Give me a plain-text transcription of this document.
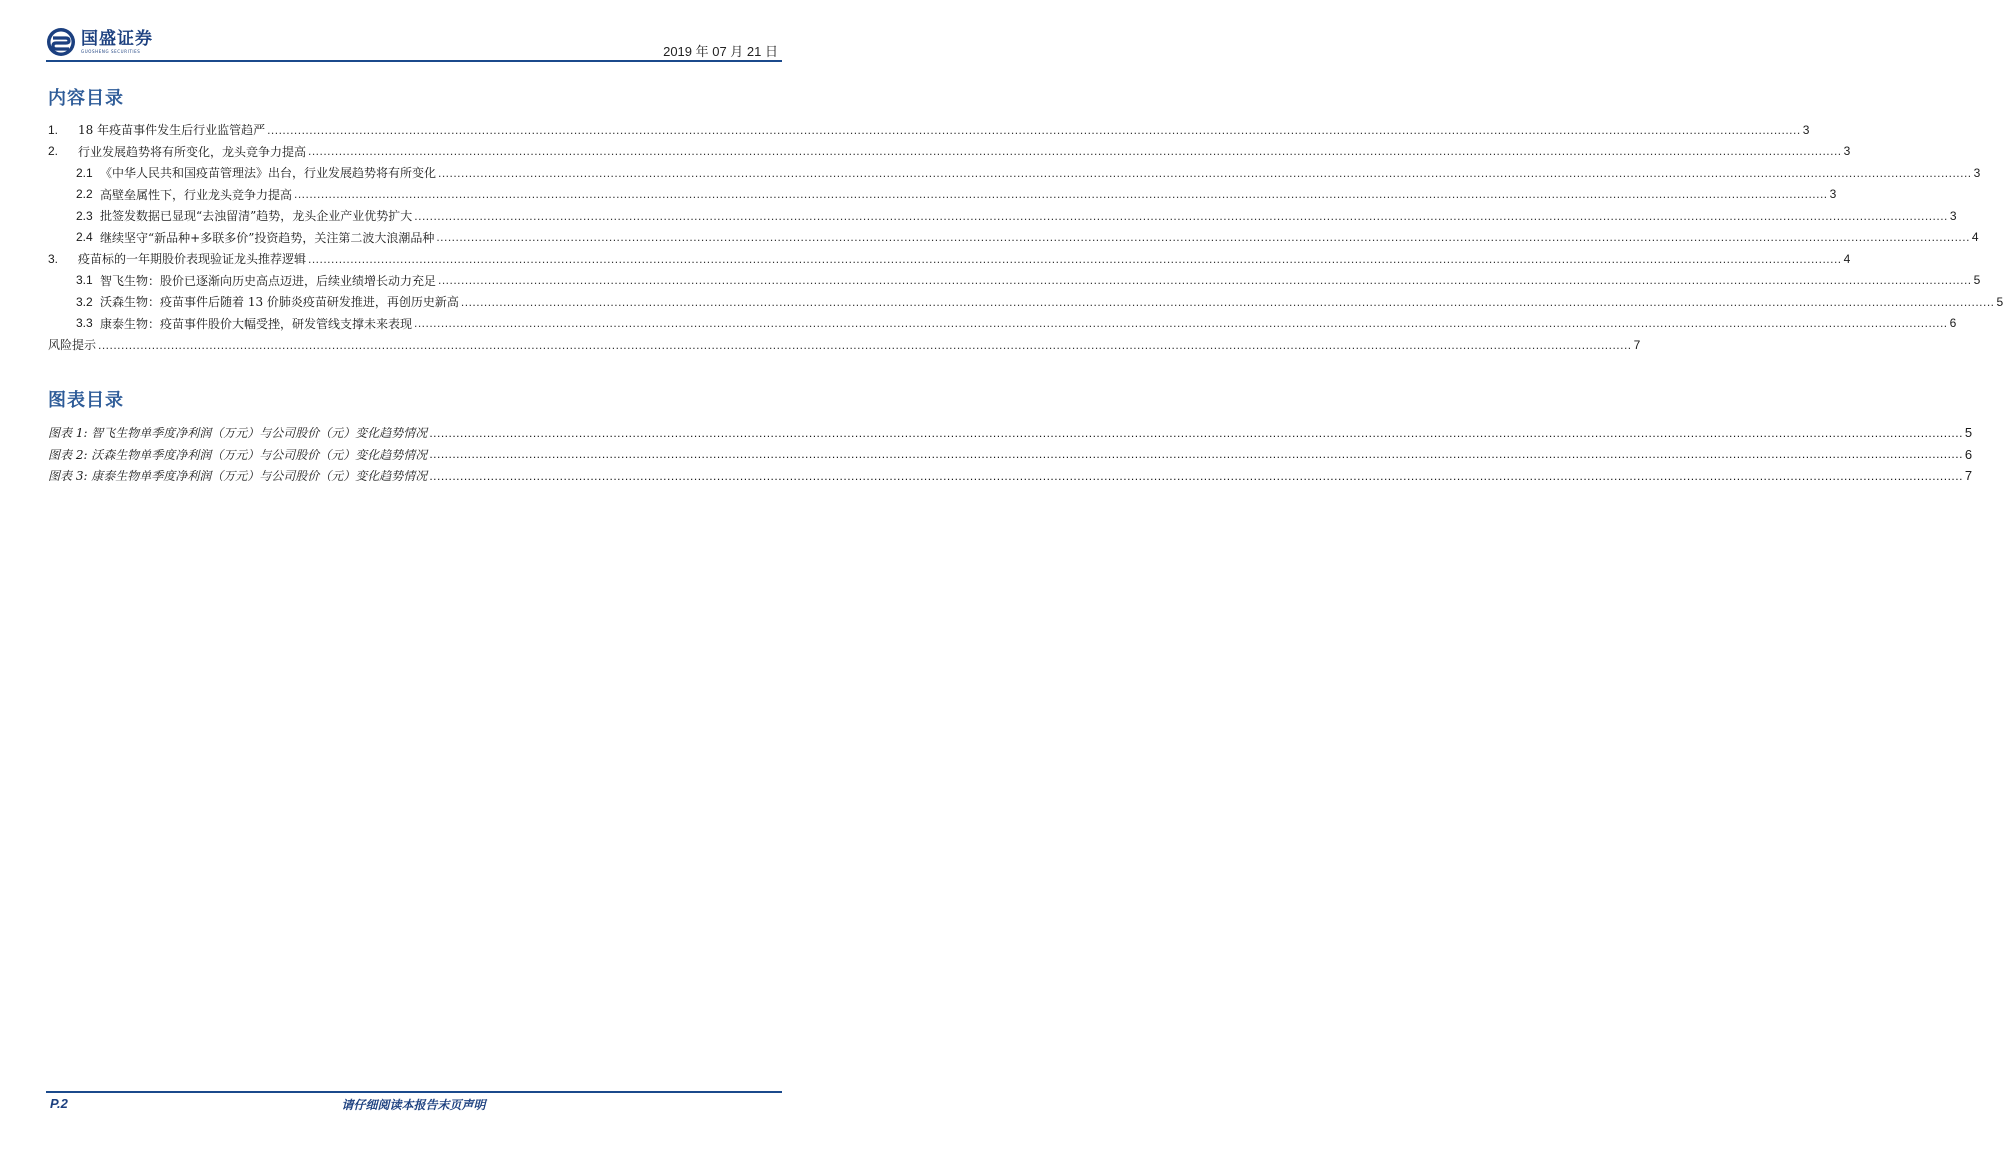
国盛证券
GUOSHENG SECURITIES	2019 年 07 月 21 日
内容目录
1.	18 年疫苗事件发生后行业监管趋严 ................................................................................................................................................................................................................................................................................................................................................................................................................ 3
2.	行业发展趋势将有所变化，龙头竞争力提高 ................................................................................................................................................................................................................................................................................................................................................................................................................ 3
2.1 《中华人民共和国疫苗管理法》出台，行业发展趋势将有所变化 ................................................................................................................................................................................................................................................................................................................................................................................................................ 3
2.2 高壁垒属性下，行业龙头竞争力提高 ................................................................................................................................................................................................................................................................................................................................................................................................................ 3
2.3 批签发数据已显现“去浊留清”趋势，龙头企业产业优势扩大 ................................................................................................................................................................................................................................................................................................................................................................................................................ 3
2.4 继续坚守“新品种+多联多价”投资趋势，关注第二波大浪潮品种 ................................................................................................................................................................................................................................................................................................................................................................................................................ 4
3.	疫苗标的一年期股价表现验证龙头推荐逻辑 ................................................................................................................................................................................................................................................................................................................................................................................................................ 4
3.1 智飞生物：股价已逐渐向历史高点迈进，后续业绩增长动力充足 ................................................................................................................................................................................................................................................................................................................................................................................................................ 5
3.2 沃森生物：疫苗事件后随着 13 价肺炎疫苗研发推进，再创历史新高 ................................................................................................................................................................................................................................................................................................................................................................................................................ 5
3.3 康泰生物：疫苗事件股价大幅受挫，研发管线支撑未来表现 ................................................................................................................................................................................................................................................................................................................................................................................................................ 6
风险提示 ................................................................................................................................................................................................................................................................................................................................................................................................................ 7
图表目录
图表 1: 智飞生物单季度净利润（万元）与公司股价（元）变化趋势情况 ................................................................................................................................................................................................................................................................................................................................................................................................................ 5
图表 2: 沃森生物单季度净利润（万元）与公司股价（元）变化趋势情况 ................................................................................................................................................................................................................................................................................................................................................................................................................ 6
图表 3: 康泰生物单季度净利润（万元）与公司股价（元）变化趋势情况 ................................................................................................................................................................................................................................................................................................................................................................................................................ 7
P.2	请仔细阅读本报告末页声明
